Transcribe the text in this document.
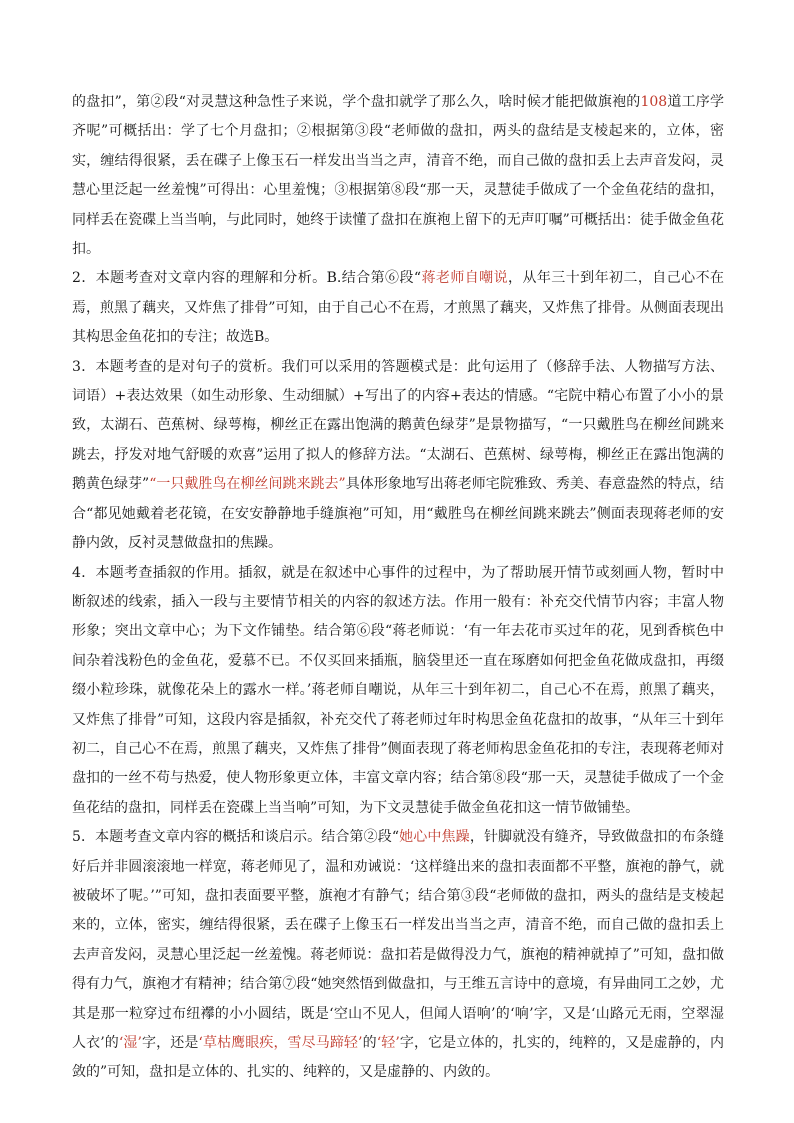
的盘扣”，第②段“对灵慧这种急性子来说，学个盘扣就学了那么久，啥时候才能把做旗袍的108道工序学齐呢”可概括出：学了七个月盘扣；②根据第③段“老师做的盘扣，两头的盘结是支棱起来的，立体，密实，缠结得很紧，丢在碟子上像玉石一样发出当当之声，清音不绝，而自己做的盘扣丢上去声音发闷，灵慧心里泛起一丝羞愧”可得出：心里羞愧；③根据第⑧段“那一天，灵慧徒手做成了一个金鱼花结的盘扣，同样丢在瓷碟上当当响，与此同时，她终于读懂了盘扣在旗袍上留下的无声叮嘱”可概括出：徒手做金鱼花扣。

2．本题考查对文章内容的理解和分析。B.结合第⑥段“蒋老师自嘲说，从年三十到年初二，自己心不在焉，煎黑了藕夹，又炸焦了排骨”可知，由于自己心不在焉，才煎黑了藕夹，又炸焦了排骨。从侧面表现出其构思金鱼花扣的专注；故选B。

3．本题考查的是对句子的赏析。我们可以采用的答题模式是：此句运用了（修辞手法、人物描写方法、词语）+表达效果（如生动形象、生动细腻）+写出了的内容+表达的情感。“宅院中精心布置了小小的景致，太湖石、芭蕉树、绿萼梅，柳丝正在露出饱满的鹅黄色绿芽”是景物描写，“一只戴胜鸟在柳丝间跳来跳去，抒发对地气舒暖的欢喜”运用了拟人的修辞方法。“太湖石、芭蕉树、绿萼梅，柳丝正在露出饱满的鹅黄色绿芽”“一只戴胜鸟在柳丝间跳来跳去”具体形象地写出蒋老师宅院雅致、秀美、春意盎然的特点，结合“都见她戴着老花镜，在安安静静地手缝旗袍”可知，用“戴胜鸟在柳丝间跳来跳去”侧面表现蒋老师的安静内敛，反衬灵慧做盘扣的焦躁。

4．本题考查插叙的作用。插叙，就是在叙述中心事件的过程中，为了帮助展开情节或刻画人物，暂时中断叙述的线索，插入一段与主要情节相关的内容的叙述方法。作用一般有：补充交代情节内容；丰富人物形象；突出文章中心；为下文作铺垫。结合第⑥段“蒋老师说：‘有一年去花市买过年的花，见到香槟色中间杂着浅粉色的金鱼花，爱慕不已。不仅买回来插瓶，脑袋里还一直在琢磨如何把金鱼花做成盘扣，再缀缀小粒珍珠，就像花朵上的露水一样。’蒋老师自嘲说，从年三十到年初二，自己心不在焉，煎黑了藕夹，又炸焦了排骨”可知，这段内容是插叙，补充交代了蒋老师过年时构思金鱼花盘扣的故事，“从年三十到年初二，自己心不在焉，煎黑了藕夹，又炸焦了排骨”侧面表现了蒋老师构思金鱼花扣的专注，表现蒋老师对盘扣的一丝不苟与热爱，使人物形象更立体，丰富文章内容；结合第⑧段“那一天，灵慧徒手做成了一个金鱼花结的盘扣，同样丢在瓷碟上当当响”可知，为下文灵慧徒手做金鱼花扣这一情节做铺垫。

5．本题考查文章内容的概括和谈启示。结合第②段“她心中焦躁，针脚就没有缝齐，导致做盘扣的布条缝好后并非圆滚滚地一样宽，蒋老师见了，温和劝诫说：‘这样缝出来的盘扣表面都不平整，旗袍的静气，就被破坏了呢。’”可知，盘扣表面要平整，旗袍才有静气；结合第③段“老师做的盘扣，两头的盘结是支棱起来的，立体，密实，缠结得很紧，丢在碟子上像玉石一样发出当当之声，清音不绝，而自己做的盘扣丢上去声音发闷，灵慧心里泛起一丝羞愧。蒋老师说：盘扣若是做得没力气，旗袍的精神就掉了”可知，盘扣做得有力气，旗袍才有精神；结合第⑦段“她突然悟到做盘扣，与王维五言诗中的意境，有异曲同工之妙，尤其是那一粒穿过布纽襻的小小圆结，既是‘空山不见人，但闻人语响’的‘响’字，又是‘山路元无雨，空翠湿人衣’的‘湿’字，还是‘草枯鹰眼疾，雪尽马蹄轻’的‘轻’字，它是立体的，扎实的，纯粹的，又是虚静的，内敛的”可知，盘扣是立体的、扎实的、纯粹的，又是虚静的、内敛的。
